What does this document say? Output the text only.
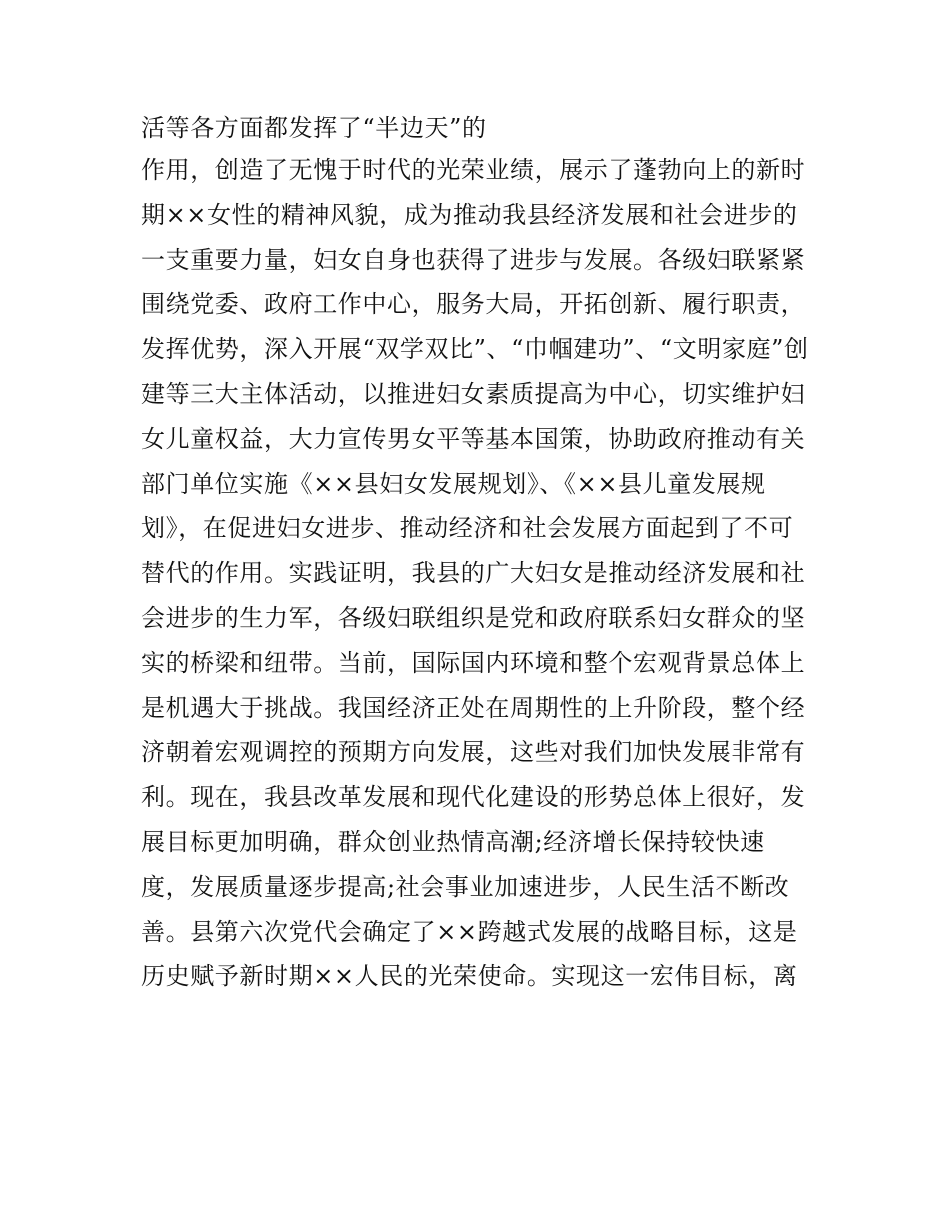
活等各方面都发挥了“半边天”的
作用，创造了无愧于时代的光荣业绩，展示了蓬勃向上的新时
期××女性的精神风貌，成为推动我县经济发展和社会进步的
一支重要力量，妇女自身也获得了进步与发展。各级妇联紧紧
围绕党委、政府工作中心，服务大局，开拓创新、履行职责，
发挥优势，深入开展“双学双比”、“巾帼建功”、“文明家庭”创
建等三大主体活动，以推进妇女素质提高为中心，切实维护妇
女儿童权益，大力宣传男女平等基本国策，协助政府推动有关
部门单位实施《××县妇女发展规划》、《××县儿童发展规
划》，在促进妇女进步、推动经济和社会发展方面起到了不可
替代的作用。实践证明，我县的广大妇女是推动经济发展和社
会进步的生力军，各级妇联组织是党和政府联系妇女群众的坚
实的桥梁和纽带。当前，国际国内环境和整个宏观背景总体上
是机遇大于挑战。我国经济正处在周期性的上升阶段，整个经
济朝着宏观调控的预期方向发展，这些对我们加快发展非常有
利。现在，我县改革发展和现代化建设的形势总体上很好，发
展目标更加明确，群众创业热情高潮;经济增长保持较快速
度，发展质量逐步提高;社会事业加速进步，人民生活不断改
善。县第六次党代会确定了××跨越式发展的战略目标，这是
历史赋予新时期××人民的光荣使命。实现这一宏伟目标，离
